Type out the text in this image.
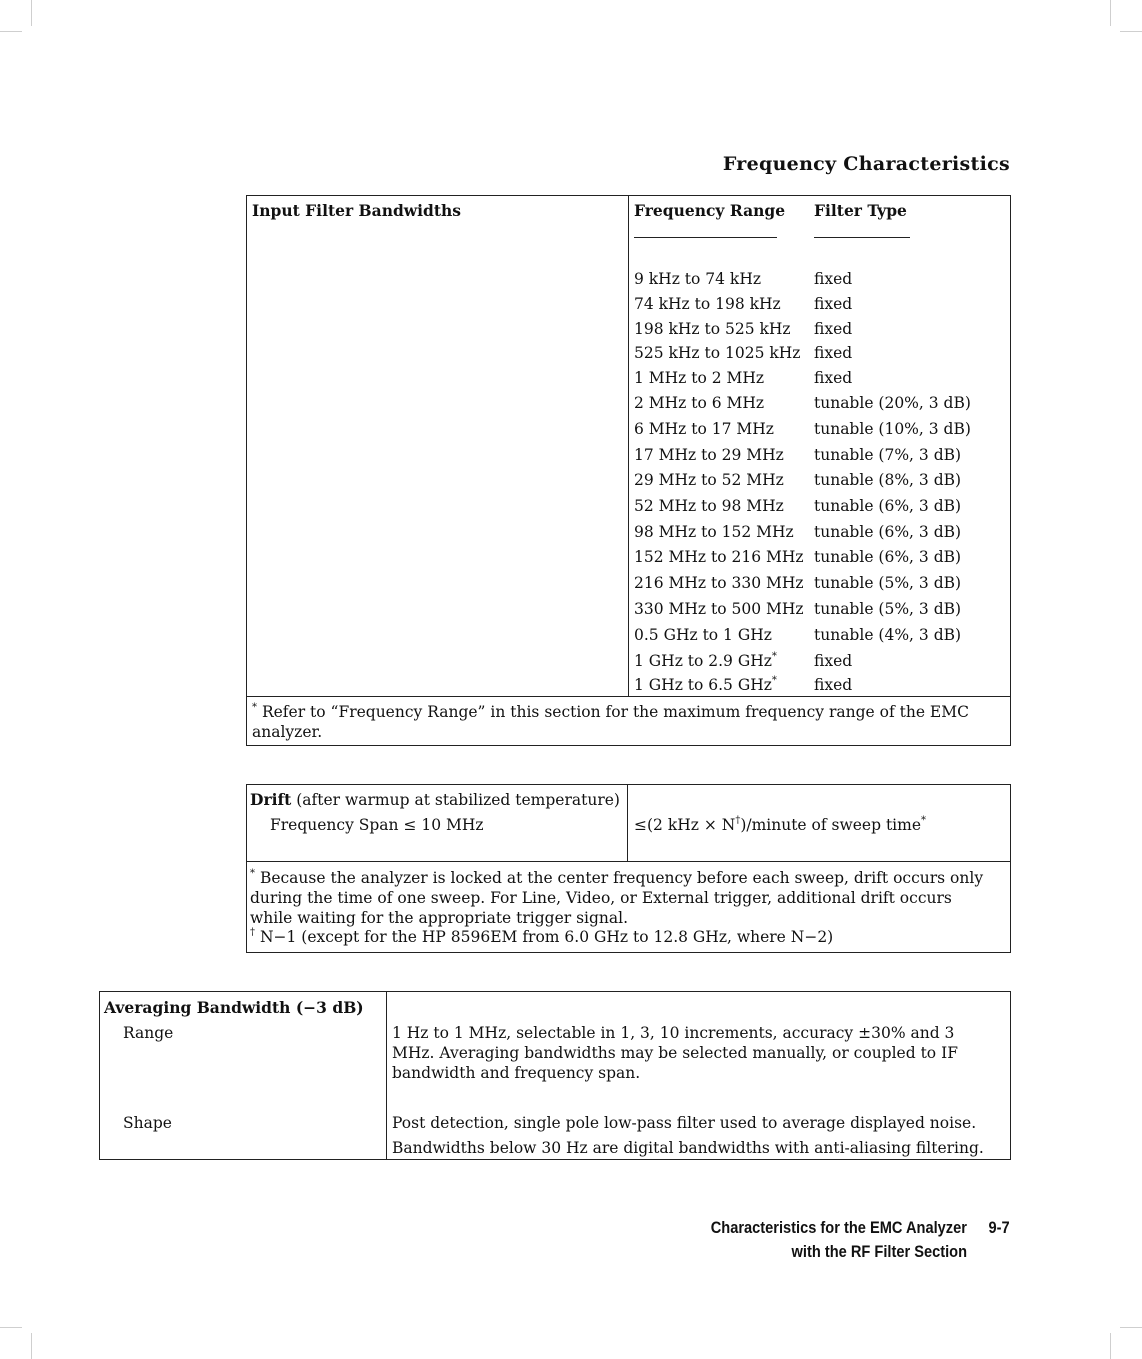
Frequency Characteristics
Input Filter Bandwidths	Frequency Range Filter Type
9 kHz to 74 kHz	fixed
74 kHz to 198 kHz fixed
198 kHz to 525 kHz fixed
525 kHz to 1025 kHz fixed
1 MHz to 2 MHz	fixed
2 MHz to 6 MHz	tunable (20%, 3 dB)
6 MHz to 17 MHz	tunable (10%, 3 dB)
17 MHz to 29 MHz tunable (7%, 3 dB)
29 MHz to 52 MHz tunable (8%, 3 dB)
52 MHz to 98 MHz tunable (6%, 3 dB)
98 MHz to 152 MHz tunable (6%, 3 dB)
152 MHz to 216 MHz tunable (6%, 3 dB)
216 MHz to 330 MHz tunable (5%, 3 dB)
330 MHz to 500 MHz tunable (5%, 3 dB)
0.5 GHz to 1 GHz	tunable (4%, 3 dB)
1 GHz to 2.9 GHz* fixed
1 GHz to 6.5 GHz* fixed
* Refer to “Frequency Range” in this section for the maximum frequency range of the EMC analyzer.
Drift (after warmup at stabilized temperature)
Frequency Span ≤ 10 MHz	≤(2 kHz × N†)/minute of sweep time*
* Because the analyzer is locked at the center frequency before each sweep, drift occurs only during the time of one sweep. For Line, Video, or External trigger, additional drift occurs while waiting for the appropriate trigger signal.
† N−1 (except for the HP 8596EM from 6.0 GHz to 12.8 GHz, where N−2)
Averaging Bandwidth (−3 dB)
Range	1 Hz to 1 MHz, selectable in 1, 3, 10 increments, accuracy ±30% and 3 MHz. Averaging bandwidths may be selected manually, or coupled to IF bandwidth and frequency span.
Shape	Post detection, single pole low-pass filter used to average displayed noise.
Bandwidths below 30 Hz are digital bandwidths with anti-aliasing filtering.
Characteristics for the EMC Analyzer 9-7
with the RF Filter Section
